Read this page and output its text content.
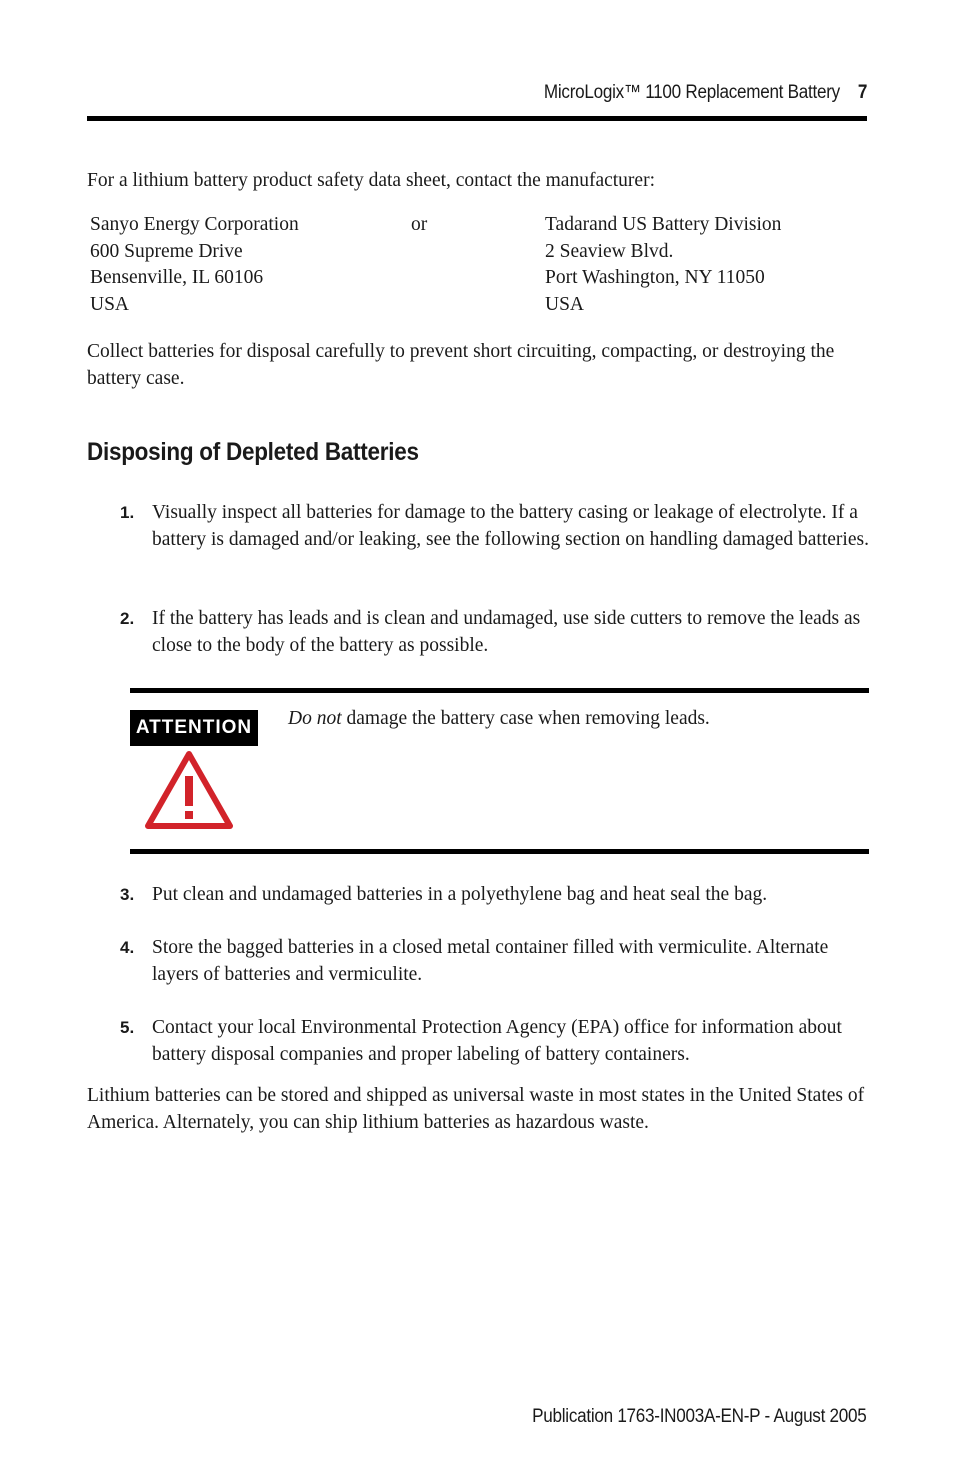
MicroLogix™ 1100 Replacement Battery 7
For a lithium battery product safety data sheet, contact the manufacturer:
Sanyo Energy Corporation
600 Supreme Drive
Bensenville, IL 60106
USA
or	Tadarand US Battery Division
2 Seaview Blvd.
Port Washington, NY 11050
USA
Collect batteries for disposal carefully to prevent short circuiting, compacting, or destroying the battery case.
Disposing of Depleted Batteries
1. Visually inspect all batteries for damage to the battery casing or leakage of electrolyte. If a battery is damaged and/or leaking, see the following section on handling damaged batteries.
2. If the battery has leads and is clean and undamaged, use side cutters to remove the leads as close to the body of the battery as possible.
ATTENTION Do not damage the battery case when removing leads.
3. Put clean and undamaged batteries in a polyethylene bag and heat seal the bag.
4. Store the bagged batteries in a closed metal container filled with vermiculite. Alternate layers of batteries and vermiculite.
5. Contact your local Environmental Protection Agency (EPA) office for information about battery disposal companies and proper labeling of battery containers.
Lithium batteries can be stored and shipped as universal waste in most states in the United States of America. Alternately, you can ship lithium batteries as hazardous waste.
Publication 1763-IN003A-EN-P - August 2005
